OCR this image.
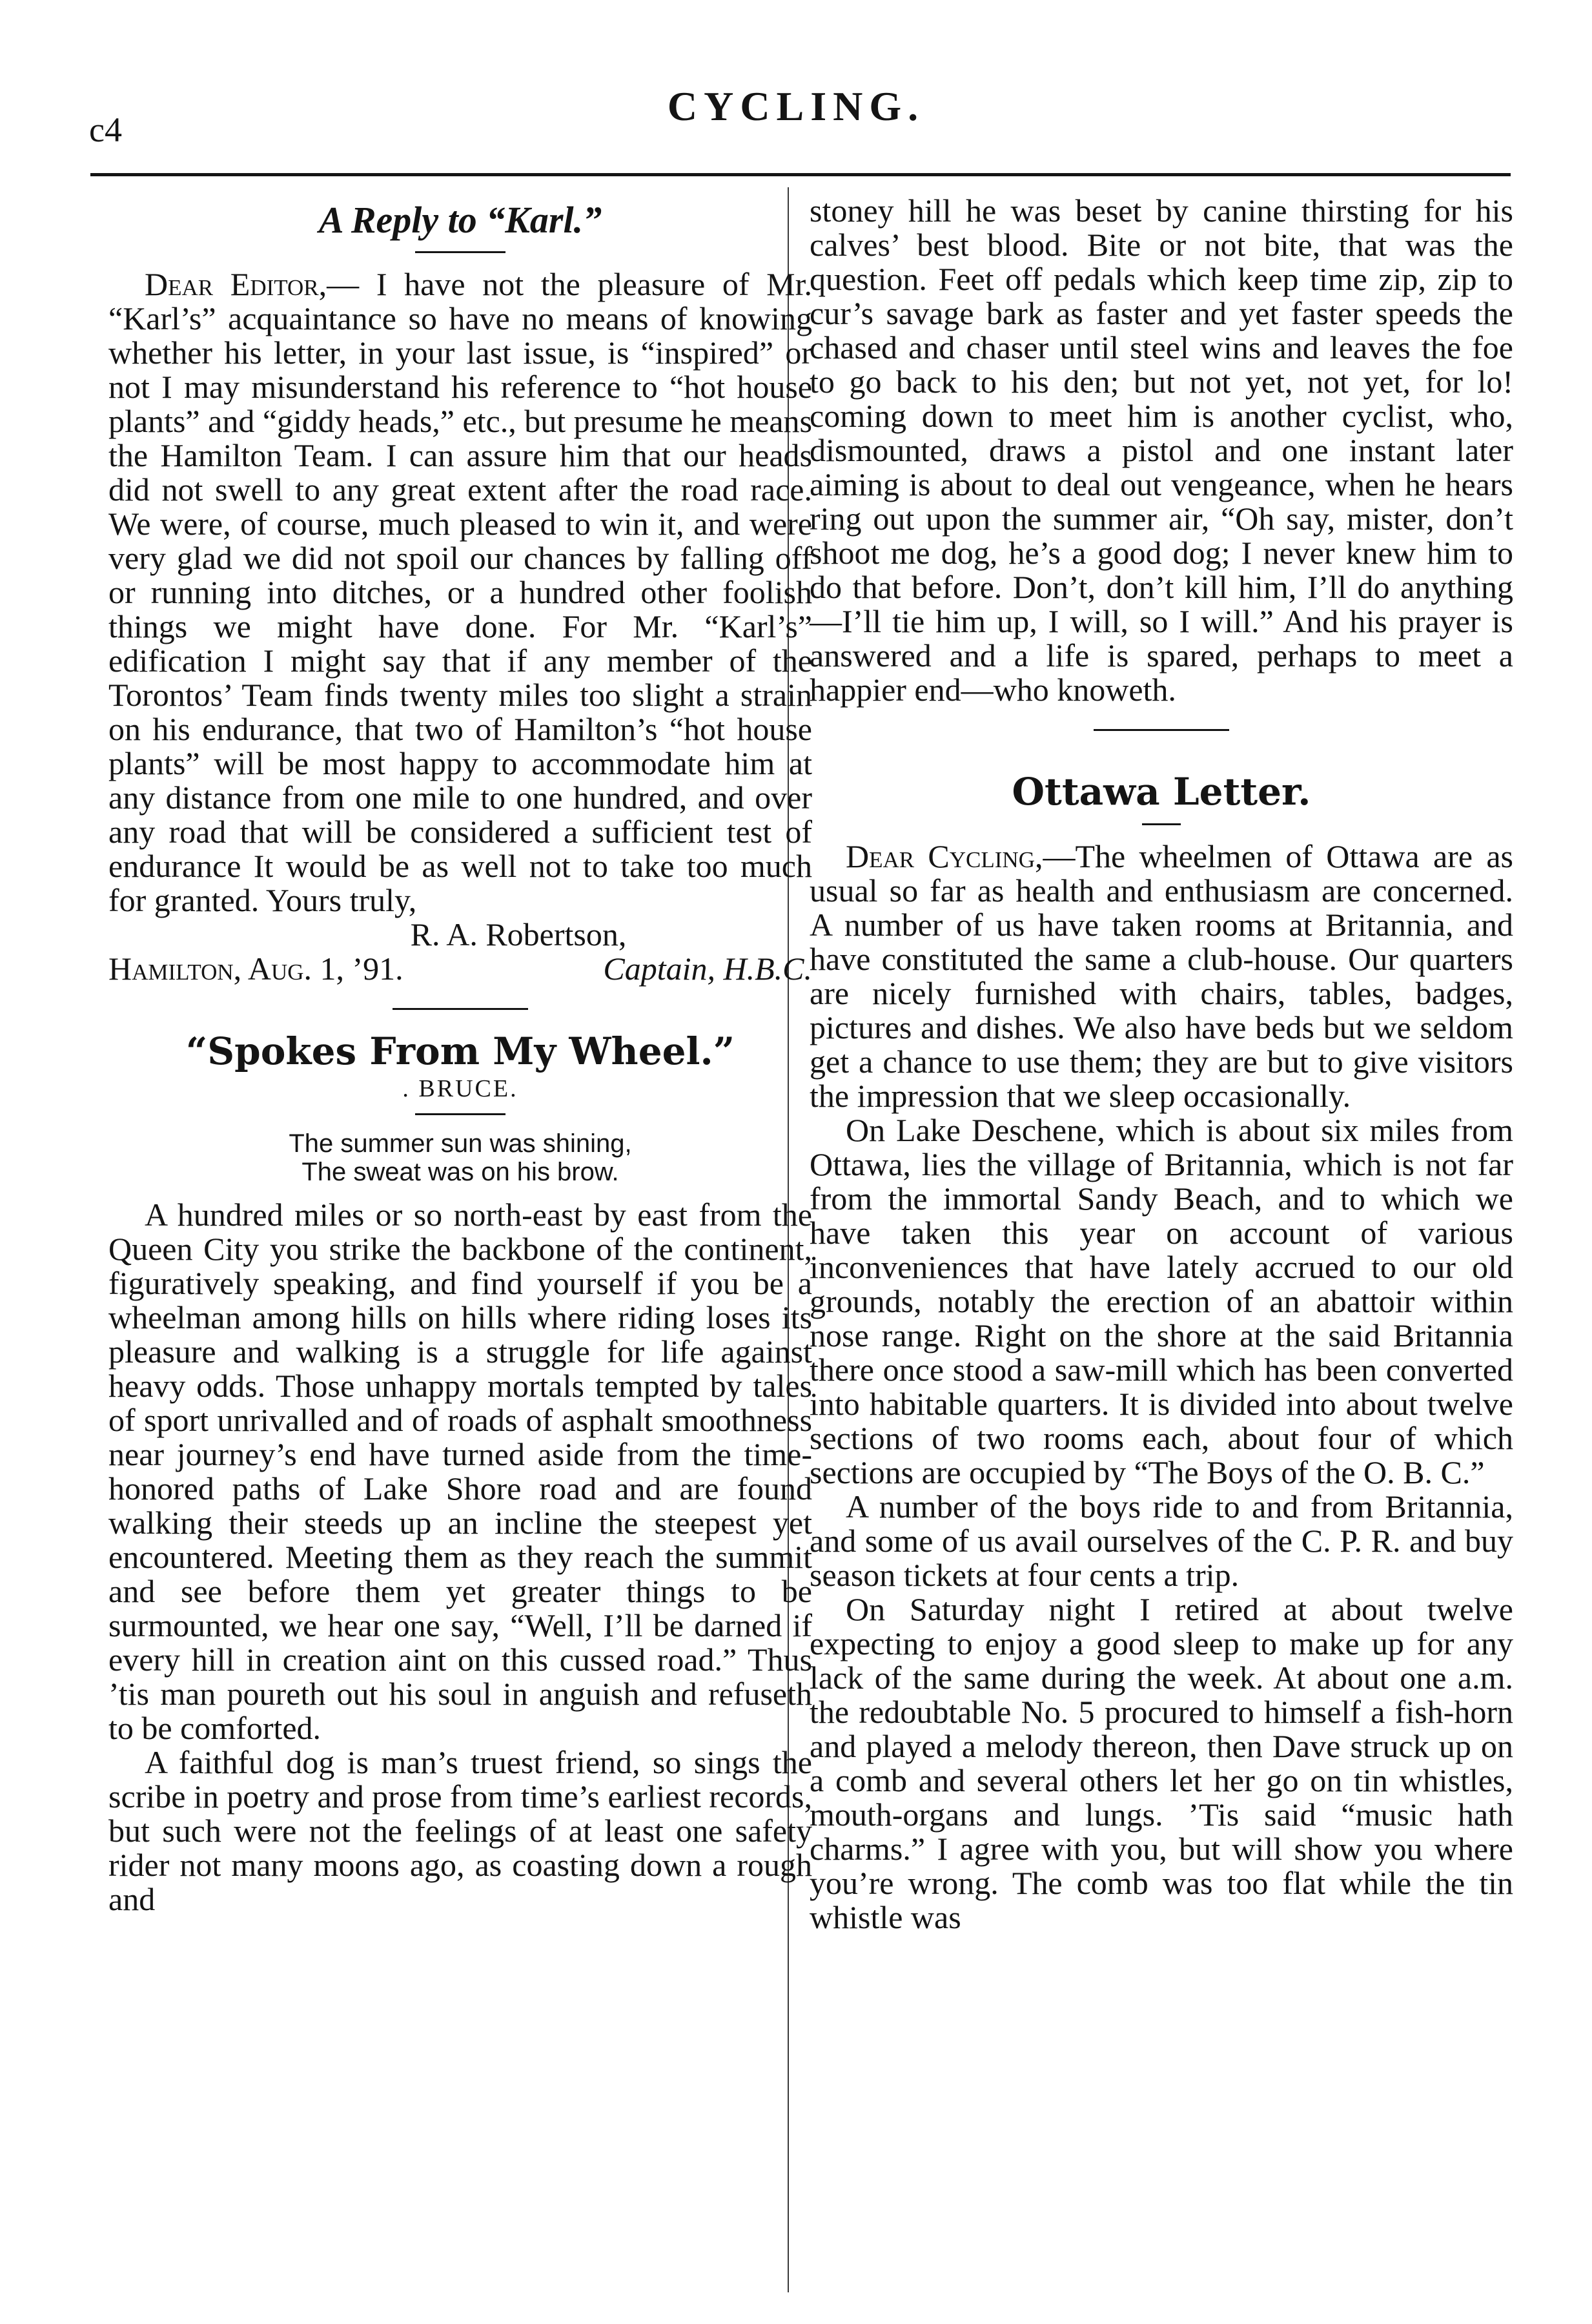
c4
CYCLING.
A Reply to “Karl.”

Dear Editor,— I have not the pleasure of Mr. “Karl’s” acquaintance so have no means of knowing whether his letter, in your last issue, is “inspired” or not I may misunderstand his reference to “hot house plants” and “giddy heads,” etc., but presume he means the Hamilton Team. I can assure him that our heads did not swell to any great extent after the road race. We were, of course, much pleased to win it, and were very glad we did not spoil our chances by falling off or running into ditches, or a hundred other foolish things we might have done. For Mr. “Karl’s” edification I might say that if any member of the Torontos’ Team finds twenty miles too slight a strain on his endurance, that two of Hamilton’s “hot house plants” will be most happy to accommodate him at any distance from one mile to one hundred, and over any road that will be considered a sufficient test of endurance It would be as well not to take too much for granted. Yours truly,

R. A. Robertson,

Hamilton, Aug. 1, ’91.	Captain, H.B.C.
“Spokes From My Wheel.”
. BRUCE.
The summer sun was shining,
The sweat was on his brow.

A hundred miles or so north-east by east from the Queen City you strike the backbone of the continent, figuratively speaking, and find yourself if you be a wheelman among hills on hills where riding loses its pleasure and walking is a struggle for life against heavy odds. Those unhappy mortals tempted by tales of sport unrivalled and of roads of asphalt smoothness near journey’s end have turned aside from the time-honored paths of Lake Shore road and are found walking their steeds up an incline the steepest yet encountered. Meeting them as they reach the summit and see before them yet greater things to be surmounted, we hear one say, “Well, I’ll be darned if every hill in creation aint on this cussed road.” Thus ’tis man poureth out his soul in anguish and refuseth to be comforted.

A faithful dog is man’s truest friend, so sings the scribe in poetry and prose from time’s earliest records, but such were not the feelings of at least one safety rider not many moons ago, as coasting down a rough and

stoney hill he was beset by canine thirsting for his calves’ best blood. Bite or not bite, that was the question. Feet off pedals which keep time zip, zip to cur’s savage bark as faster and yet faster speeds the chased and chaser until steel wins and leaves the foe to go back to his den; but not yet, not yet, for lo! coming down to meet him is another cyclist, who, dismounted, draws a pistol and one instant later aiming is about to deal out vengeance, when he hears ring out upon the summer air, “Oh say, mister, don’t shoot me dog, he’s a good dog; I never knew him to do that before. Don’t, don’t kill him, I’ll do anything—I’ll tie him up, I will, so I will.” And his prayer is answered and a life is spared, perhaps to meet a happier end—who knoweth.

Ottawa Letter.

Dear Cycling,—The wheelmen of Ottawa are as usual so far as health and enthusiasm are concerned. A number of us have taken rooms at Britannia, and have constituted the same a club-house. Our quarters are nicely furnished with chairs, tables, badges, pictures and dishes. We also have beds but we seldom get a chance to use them; they are but to give visitors the impression that we sleep occasionally.

On Lake Deschene, which is about six miles from Ottawa, lies the village of Britannia, which is not far from the immortal Sandy Beach, and to which we have taken this year on account of various inconveniences that have lately accrued to our old grounds, notably the erection of an abattoir within nose range. Right on the shore at the said Britannia there once stood a saw-mill which has been converted into habitable quarters. It is divided into about twelve sections of two rooms each, about four of which sections are occupied by “The Boys of the O. B. C.”

A number of the boys ride to and from Britannia, and some of us avail ourselves of the C. P. R. and buy season tickets at four cents a trip.

On Saturday night I retired at about twelve expecting to enjoy a good sleep to make up for any lack of the same during the week. At about one a.m. the redoubtable No. 5 procured to himself a fish-horn and played a melody thereon, then Dave struck up on a comb and several others let her go on tin whistles, mouth-organs and lungs. ’Tis said “music hath charms.” I agree with you, but will show you where you’re wrong. The comb was too flat while the tin whistle was
